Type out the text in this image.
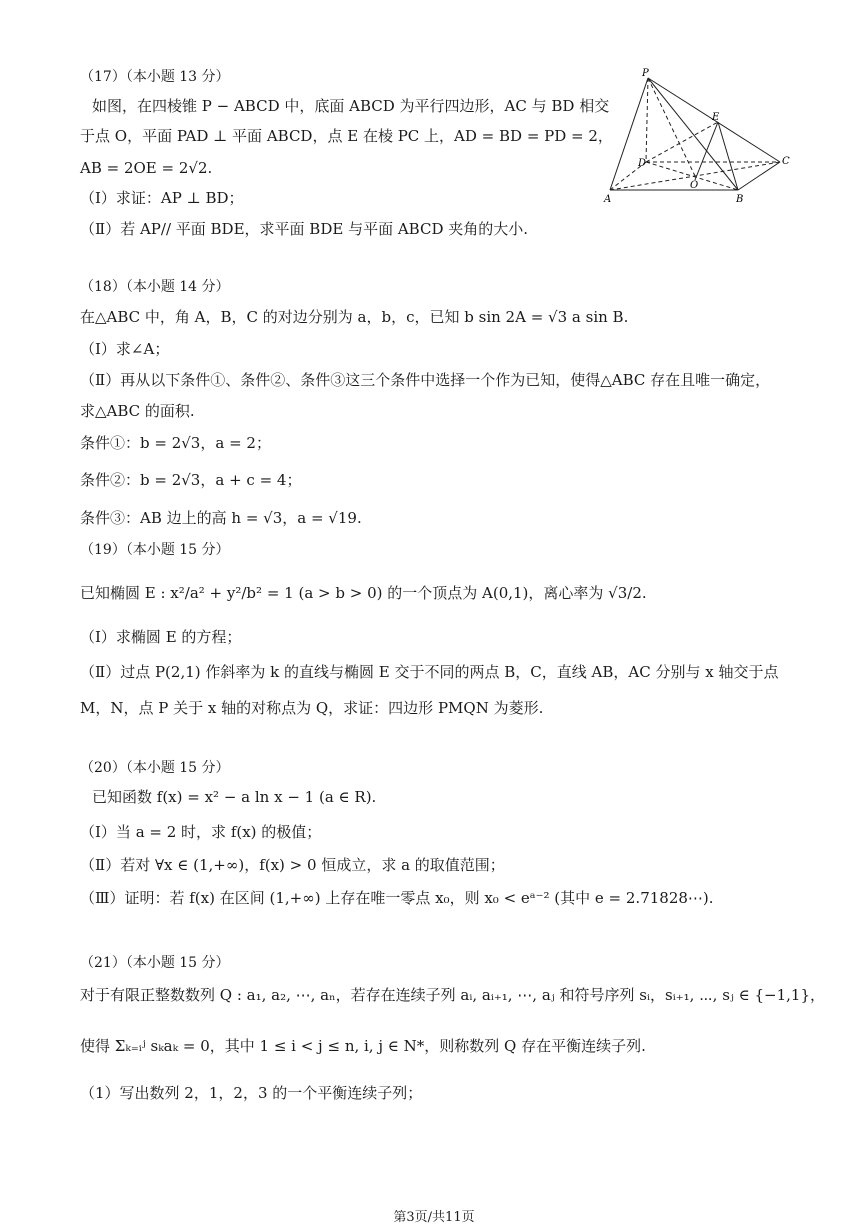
（17）（本小题 13 分）
如图，在四棱锥 P − ABCD 中，底面 ABCD 为平行四边形，AC 与 BD 相交
于点 O，平面 PAD ⊥ 平面 ABCD，点 E 在棱 PC 上，AD = BD = PD = 2，
AB = 2OE = 2√2.
（Ⅰ）求证：AP ⊥ BD；
（Ⅱ）若 AP// 平面 BDE，求平面 BDE 与平面 ABCD 夹角的大小.
P
A	B
C
D
E
O
（18）（本小题 14 分）
在△ABC 中，角 A，B，C 的对边分别为 a，b，c，已知 b sin 2A = √3 a sin B.
（Ⅰ）求∠A；
（Ⅱ）再从以下条件①、条件②、条件③这三个条件中选择一个作为已知，使得△ABC 存在且唯一确定，
求△ABC 的面积.
条件①：b = 2√3，a = 2；
条件②：b = 2√3，a + c = 4；
条件③：AB 边上的高 h = √3，a = √19.
（19）（本小题 15 分）
已知椭圆 E : x²/a² + y²/b² = 1 (a > b > 0) 的一个顶点为 A(0,1)，离心率为 √3/2.
（Ⅰ）求椭圆 E 的方程；
（Ⅱ）过点 P(2,1) 作斜率为 k 的直线与椭圆 E 交于不同的两点 B，C，直线 AB，AC 分别与 x 轴交于点
M，N，点 P 关于 x 轴的对称点为 Q，求证：四边形 PMQN 为菱形.
（20）（本小题 15 分）
已知函数 f(x) = x² − a ln x − 1 (a ∈ R).
（Ⅰ）当 a = 2 时，求 f(x) 的极值；
（Ⅱ）若对 ∀x ∈ (1,+∞)，f(x) > 0 恒成立，求 a 的取值范围；
（Ⅲ）证明：若 f(x) 在区间 (1,+∞) 上存在唯一零点 x₀，则 x₀ < eᵃ⁻² (其中 e = 2.71828⋯).
（21）（本小题 15 分）
对于有限正整数数列 Q : a₁, a₂, ⋯, aₙ，若存在连续子列 aᵢ, aᵢ₊₁, ⋯, aⱼ 和符号序列 sᵢ，sᵢ₊₁, ⋯, sⱼ ∈ {−1,1}，
使得 Σₖ₌ᵢʲ sₖaₖ = 0，其中 1 ≤ i < j ≤ n, i, j ∈ N*，则称数列 Q 存在平衡连续子列.
（1）写出数列 2，1，2，3 的一个平衡连续子列；
第3页/共11页
